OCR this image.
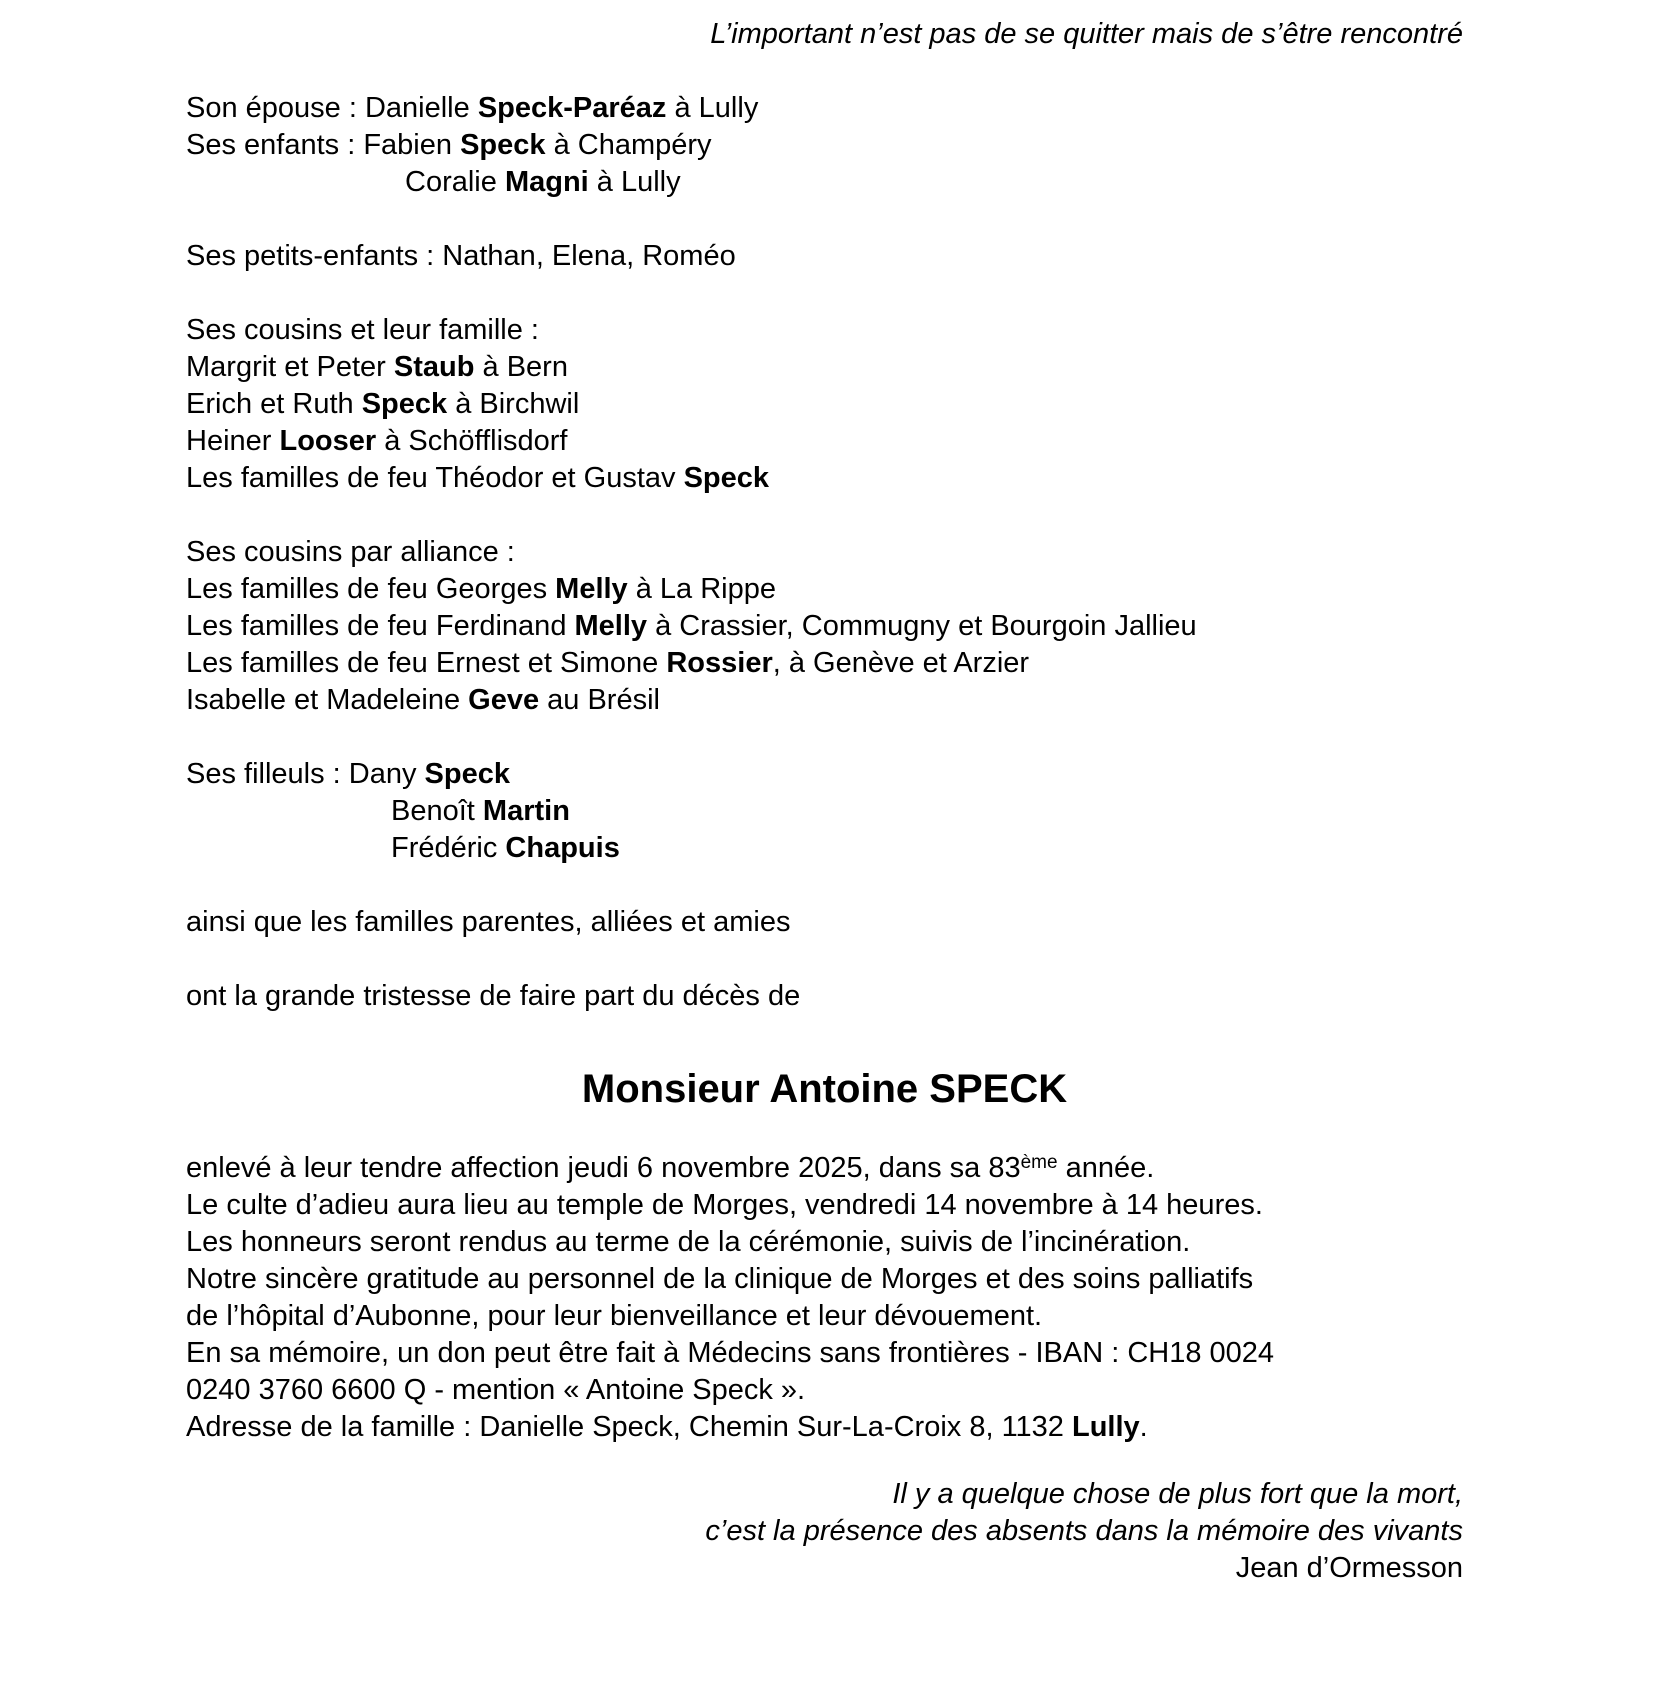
L’important n’est pas de se quitter mais de s’être rencontré
Son épouse : Danielle Speck-Paréaz à Lully
Ses enfants : Fabien Speck à Champéry
Coralie Magni à Lully
Ses petits-enfants : Nathan, Elena, Roméo
Ses cousins et leur famille :
Margrit et Peter Staub à Bern
Erich et Ruth Speck à Birchwil
Heiner Looser à Schöfflisdorf
Les familles de feu Théodor et Gustav Speck
Ses cousins par alliance :
Les familles de feu Georges Melly à La Rippe
Les familles de feu Ferdinand Melly à Crassier, Commugny et Bourgoin Jallieu
Les familles de feu Ernest et Simone Rossier, à Genève et Arzier
Isabelle et Madeleine Geve au Brésil
Ses filleuls : Dany Speck
Benoît Martin
Frédéric Chapuis
ainsi que les familles parentes, alliées et amies
ont la grande tristesse de faire part du décès de
Monsieur Antoine SPECK
enlevé à leur tendre affection jeudi 6 novembre 2025, dans sa 83ème année.
Le culte d’adieu aura lieu au temple de Morges, vendredi 14 novembre à 14 heures.
Les honneurs seront rendus au terme de la cérémonie, suivis de l’incinération.
Notre sincère gratitude au personnel de la clinique de Morges et des soins palliatifs
de l’hôpital d’Aubonne, pour leur bienveillance et leur dévouement.
En sa mémoire, un don peut être fait à Médecins sans frontières - IBAN : CH18 0024
0240 3760 6600 Q - mention « Antoine Speck ».
Adresse de la famille : Danielle Speck, Chemin Sur-La-Croix 8, 1132 Lully.
Il y a quelque chose de plus fort que la mort,
c’est la présence des absents dans la mémoire des vivants
Jean d’Ormesson
